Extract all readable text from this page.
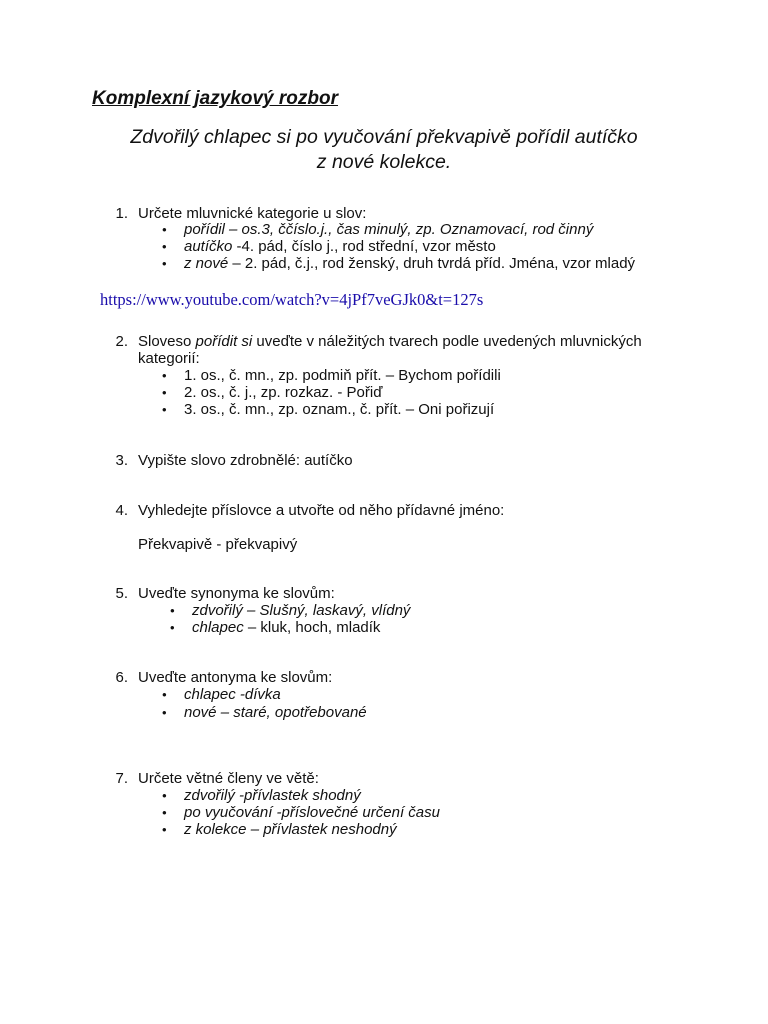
Komplexní jazykový rozbor
Zdvořilý chlapec si po vyučování překvapivě pořídil autíčko
z nové kolekce.
1. Určete mluvnické kategorie u slov:
• pořídil – os.3, ččíslo.j., čas minulý, zp. Oznamovací, rod činný
• autíčko -4. pád, číslo j., rod střední, vzor město
• z nové – 2. pád, č.j., rod ženský, druh tvrdá příd. Jména, vzor mladý
https://www.youtube.com/watch?v=4jPf7veGJk0&t=127s
2. Sloveso pořídit si uveďte v náležitých tvarech podle uvedených mluvnických
kategorií:
• 1. os., č. mn., zp. podmiň přít. – Bychom pořídili
• 2. os., č. j., zp. rozkaz. - Pořiď
• 3. os., č. mn., zp. oznam., č. přít. – Oni pořizují
3. Vypište slovo zdrobnělé: autíčko
4. Vyhledejte příslovce a utvořte od něho přídavné jméno:
Překvapivě - překvapivý
5. Uveďte synonyma ke slovům:
• zdvořilý – Slušný, laskavý, vlídný
• chlapec – kluk, hoch, mladík
6. Uveďte antonyma ke slovům:
• chlapec -dívka
• nové – staré, opotřebované
7. Určete větné členy ve větě:
• zdvořilý -přívlastek shodný
• po vyučování -příslovečné určení času
• z kolekce – přívlastek neshodný
